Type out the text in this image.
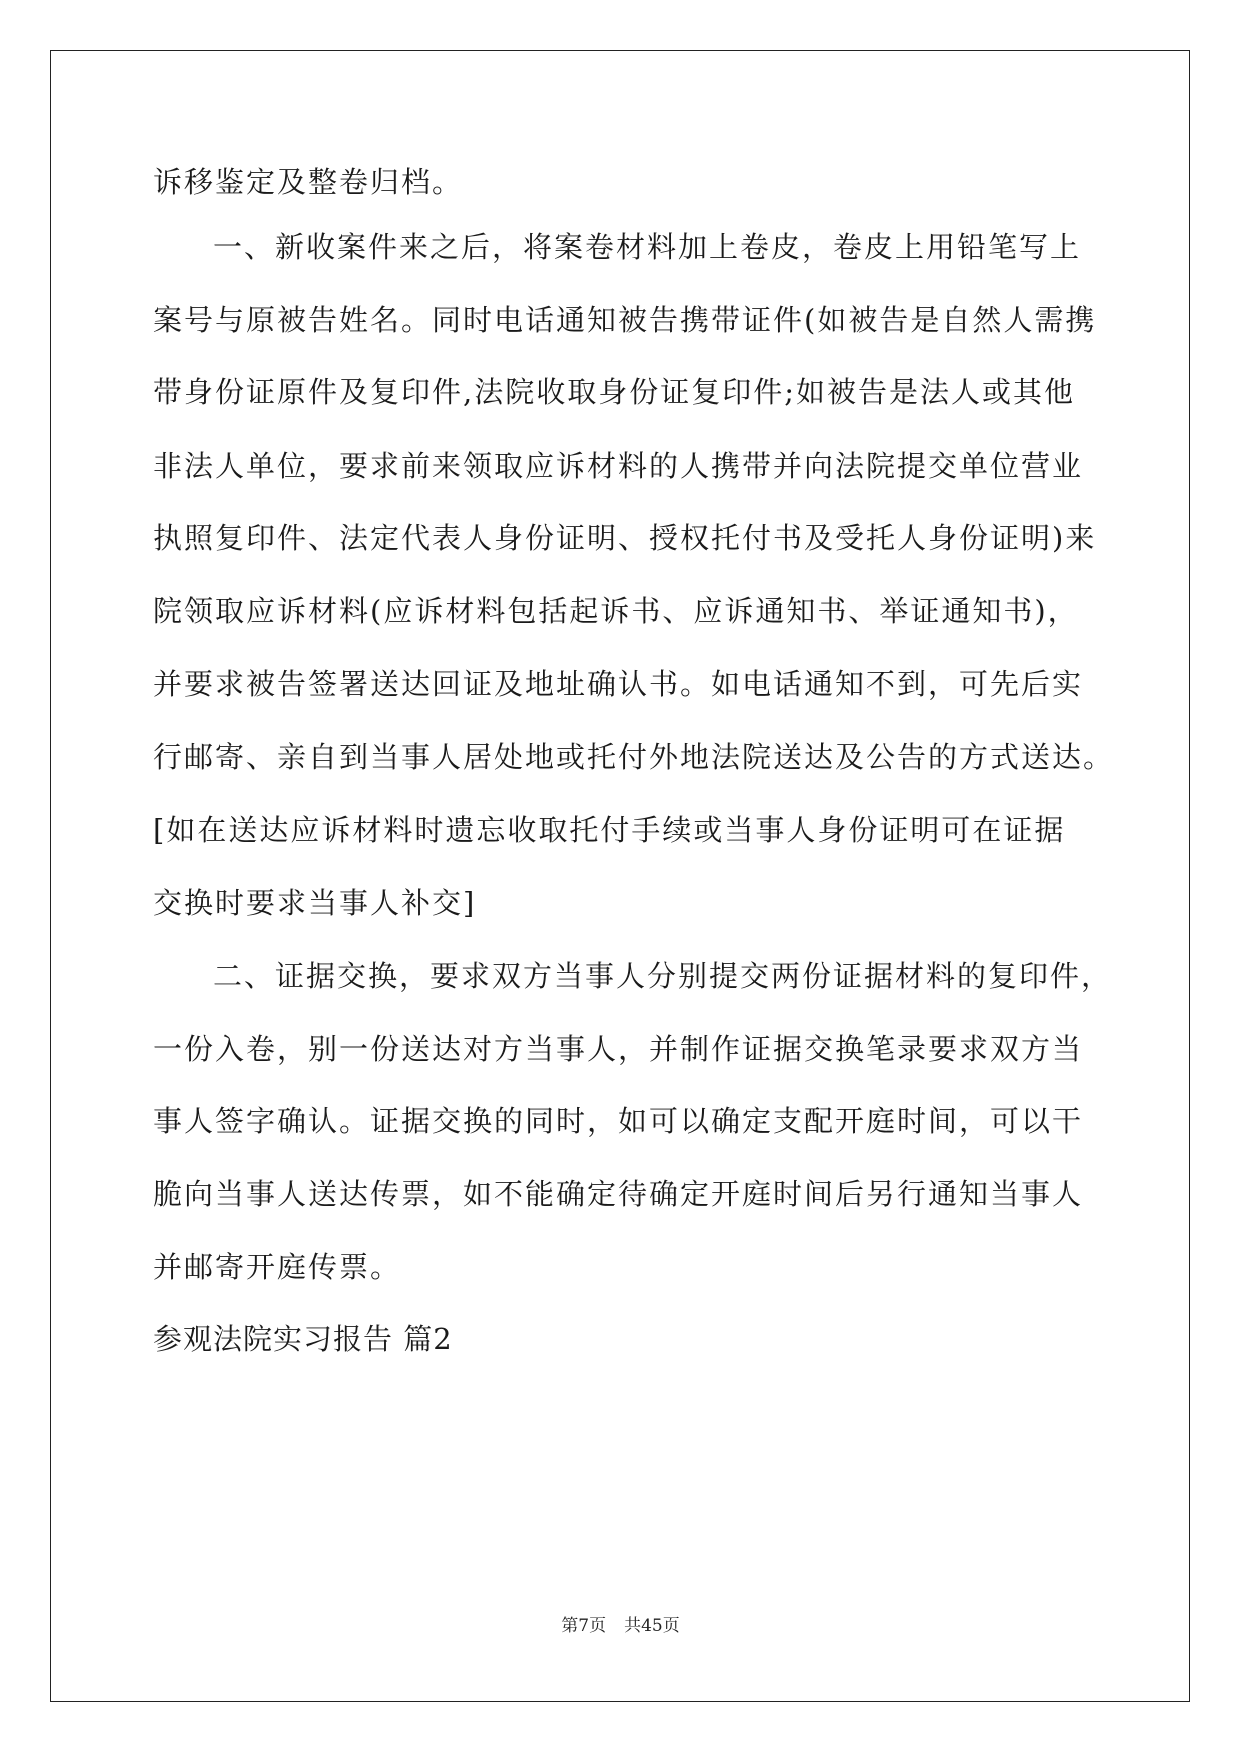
诉移鉴定及整卷归档。
一、新收案件来之后，将案卷材料加上卷皮，卷皮上用铅笔写上
案号与原被告姓名。同时电话通知被告携带证件(如被告是自然人需携
带身份证原件及复印件,法院收取身份证复印件;如被告是法人或其他
非法人单位，要求前来领取应诉材料的人携带并向法院提交单位营业
执照复印件、法定代表人身份证明、授权托付书及受托人身份证明)来
院领取应诉材料(应诉材料包括起诉书、应诉通知书、举证通知书)，
并要求被告签署送达回证及地址确认书。如电话通知不到，可先后实
行邮寄、亲自到当事人居处地或托付外地法院送达及公告的方式送达。
[如在送达应诉材料时遗忘收取托付手续或当事人身份证明可在证据
交换时要求当事人补交]
二、证据交换，要求双方当事人分别提交两份证据材料的复印件，
一份入卷，别一份送达对方当事人，并制作证据交换笔录要求双方当
事人签字确认。证据交换的同时，如可以确定支配开庭时间，可以干
脆向当事人送达传票，如不能确定待确定开庭时间后另行通知当事人
并邮寄开庭传票。
参观法院实习报告 篇2
第7页 共45页
